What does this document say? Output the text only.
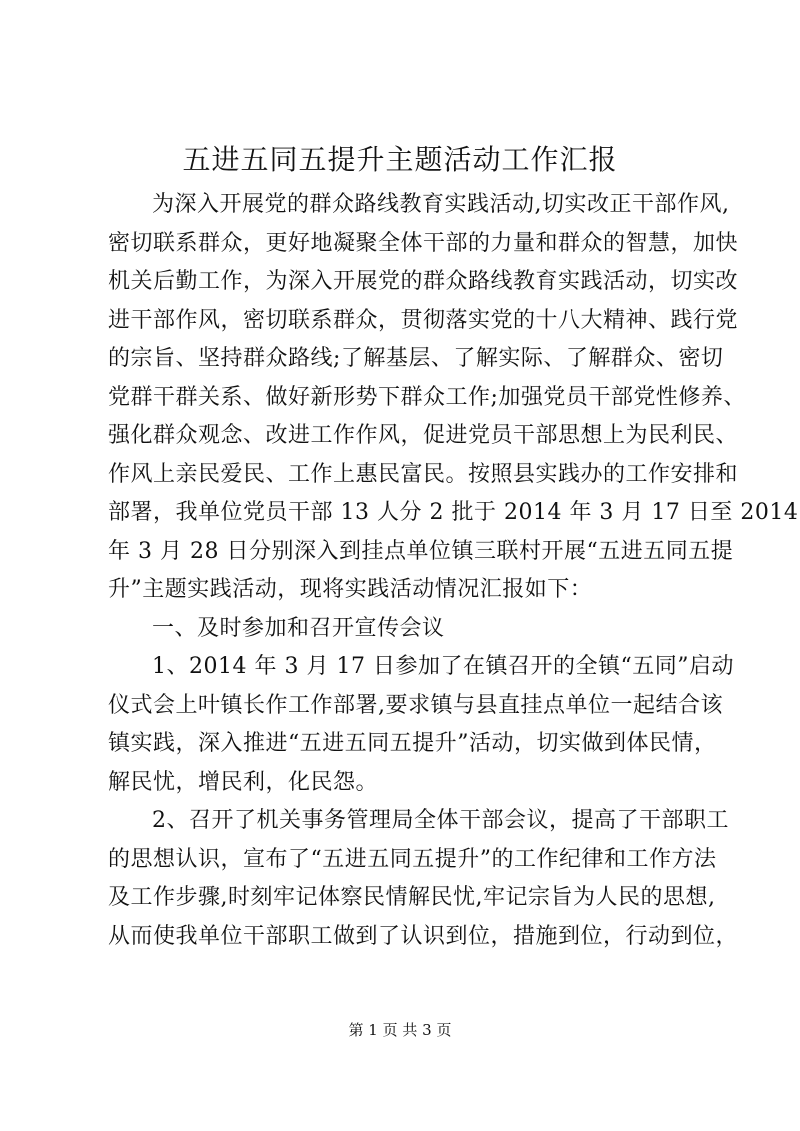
五进五同五提升主题活动工作汇报
为深入开展党的群众路线教育实践活动,切实改正干部作风,
密切联系群众，更好地凝聚全体干部的力量和群众的智慧，加快
机关后勤工作，为深入开展党的群众路线教育实践活动，切实改
进干部作风，密切联系群众，贯彻落实党的十八大精神、践行党
的宗旨、坚持群众路线;了解基层、了解实际、了解群众、密切
党群干群关系、做好新形势下群众工作;加强党员干部党性修养、
强化群众观念、改进工作作风，促进党员干部思想上为民利民、
作风上亲民爱民、工作上惠民富民。按照县实践办的工作安排和
部署，我单位党员干部 13 人分 2 批于 2014 年 3 月 17 日至 2014
年 3 月 28 日分别深入到挂点单位镇三联村开展“五进五同五提
升”主题实践活动，现将实践活动情况汇报如下：
一、及时参加和召开宣传会议
1、2014 年 3 月 17 日参加了在镇召开的全镇“五同”启动
仪式会上叶镇长作工作部署,要求镇与县直挂点单位一起结合该
镇实践，深入推进“五进五同五提升”活动，切实做到体民情，
解民忧，增民利，化民怨。
2、召开了机关事务管理局全体干部会议，提高了干部职工
的思想认识，宣布了“五进五同五提升”的工作纪律和工作方法
及工作步骤,时刻牢记体察民情解民忧,牢记宗旨为人民的思想,
从而使我单位干部职工做到了认识到位，措施到位，行动到位，
第 1 页 共 3 页
